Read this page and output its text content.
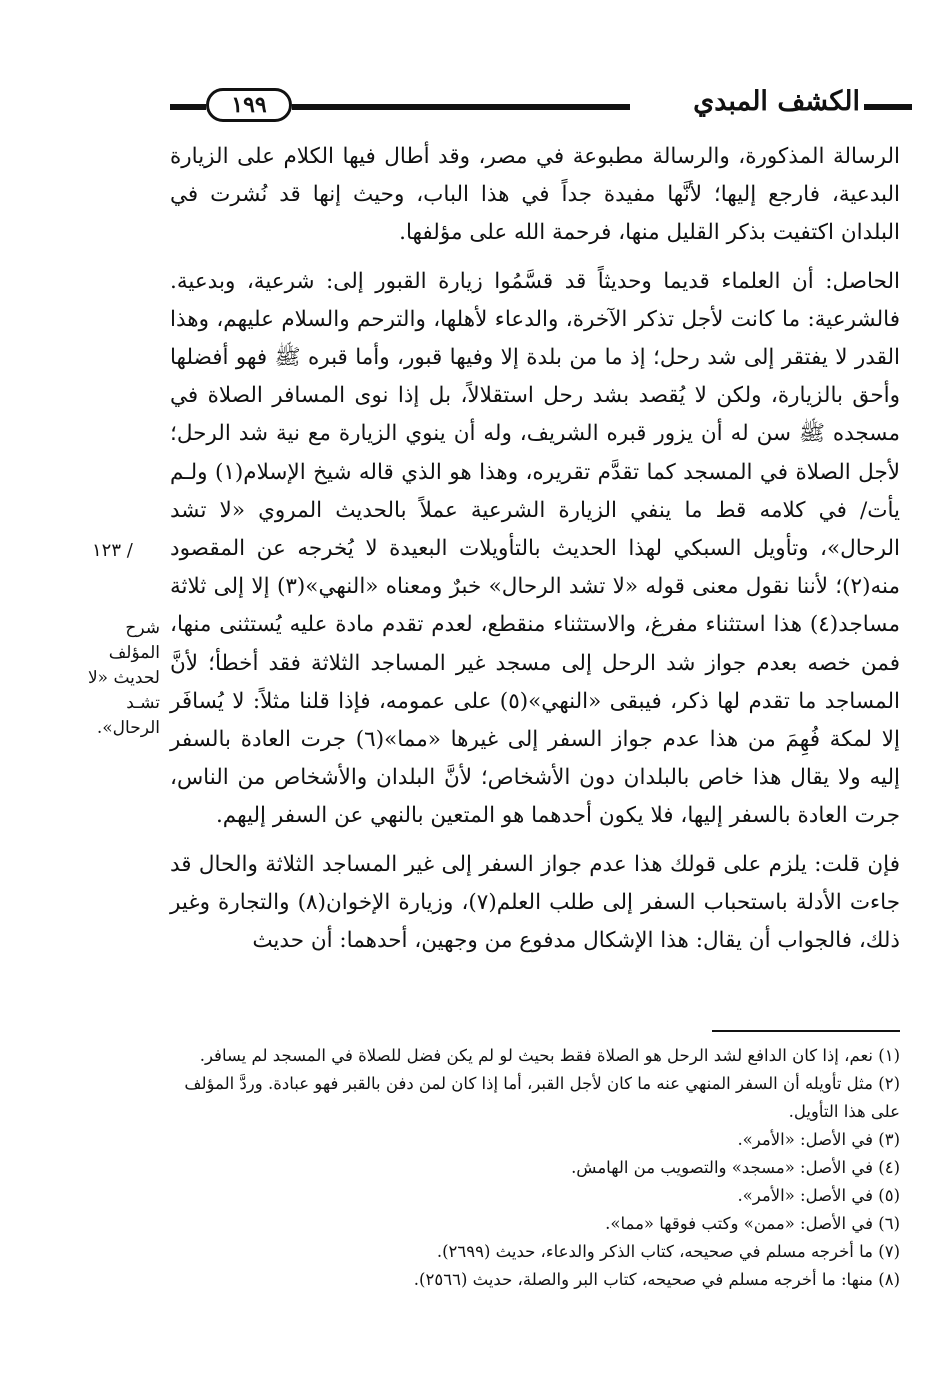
الكشف المبدي
١٩٩
/ ١٢٣
شرح المؤلف لحديث «لا تشـد الرحال».

الرسالة المذكورة، والرسالة مطبوعة في مصر، وقد أطال فيها الكلام على الزيارة البدعية، فارجع إليها؛ لأنَّها مفيدة جداً في هذا الباب، وحيث إنها قد نُشرت في البلدان اكتفيت بذكر القليل منها، فرحمة الله على مؤلفها.

الحاصل: أن العلماء قديما وحديثاً قد قسَّمُوا زيارة القبور إلى: شرعية، وبدعية. فالشرعية: ما كانت لأجل تذكر الآخرة، والدعاء لأهلها، والترحم والسلام عليهم، وهذا القدر لا يفتقر إلى شد رحل؛ إذ ما من بلدة إلا وفيها قبور، وأما قبره ﷺ فهو أفضلها وأحق بالزيارة، ولكن لا يُقصد بشد رحل استقلالاً، بل إذا نوى المسافر الصلاة في مسجده ﷺ سن له أن يزور قبره الشريف، وله أن ينوي الزيارة مع نية شد الرحل؛ لأجل الصلاة في المسجد كما تقدَّم تقريره، وهذا هو الذي قاله شيخ الإسلام(١) ولـم يأت/ في كلامه قط ما ينفي الزيارة الشرعية عملاً بالحديث المروي «لا تشد الرحال»، وتأويل السبكي لهذا الحديث بالتأويلات البعيدة لا يُخرجه عن المقصود منه(٢)؛ لأننا نقول معنى قوله «لا تشد الرحال» خبرٌ ومعناه «النهي»(٣) إلا إلى ثلاثة مساجد(٤) هذا استثناء مفرغ، والاستثناء منقطع، لعدم تقدم مادة عليه يُستثنى منها، فمن خصه بعدم جواز شد الرحل إلى مسجد غير المساجد الثلاثة فقد أخطأ؛ لأنَّ المساجد ما تقدم لها ذكر، فيبقى «النهي»(٥) على عمومه، فإذا قلنا مثلاً: لا يُسافَر إلا لمكة فُهِمَ من هذا عدم جواز السفر إلى غيرها «مما»(٦) جرت العادة بالسفر إليه ولا يقال هذا خاص بالبلدان دون الأشخاص؛ لأنَّ البلدان والأشخاص من الناس، جرت العادة بالسفر إليها، فلا يكون أحدهما هو المتعين بالنهي عن السفر إليهم.

فإن قلت: يلزم على قولك هذا عدم جواز السفر إلى غير المساجد الثلاثة والحال قد جاءت الأدلة باستحباب السفر إلى طلب العلم(٧)، وزيارة الإخوان(٨) والتجارة وغير ذلك، فالجواب أن يقال: هذا الإشكال مدفوع من وجهين، أحدهما: أن حديث

(١) نعم، إذا كان الدافع لشد الرحل هو الصلاة فقط بحيث لو لم يكن فضل للصلاة في المسجد لم يسافر.

(٢) مثل تأويله أن السفر المنهي عنه ما كان لأجل القبر، أما إذا كان لمن دفن بالقبر فهو عبادة. وردَّ المؤلف على هذا التأويل.

(٣) في الأصل: «الأمر».

(٤) في الأصل: «مسجد» والتصويب من الهامش.

(٥) في الأصل: «الأمر».

(٦) في الأصل: «ممن» وكتب فوقها «مما».

(٧) ما أخرجه مسلم في صحيحه، كتاب الذكر والدعاء، حديث (٢٦٩٩).

(٨) منها: ما أخرجه مسلم في صحيحه، كتاب البر والصلة، حديث (٢٥٦٦).
